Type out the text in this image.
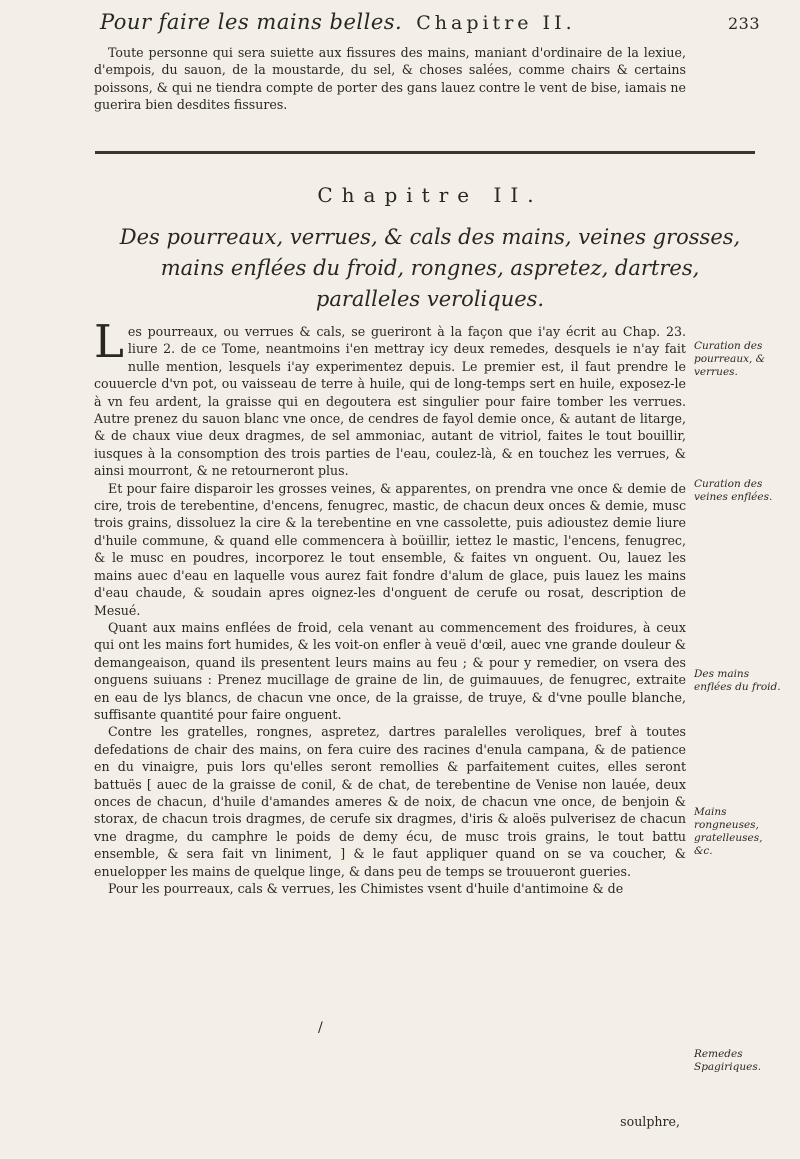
Pour faire les mains belles. Chapitre II.	233

Toute personne qui sera suiette aux fissures des mains, maniant d'ordinaire de la lexiue, d'empois, du sauon, de la moustarde, du sel, & choses salées, comme chairs & certains poissons, & qui ne tiendra compte de porter des gans lauez contre le vent de bise, iamais ne guerira bien desdites fissures.

Chapitre II.
Des pourreaux, verrues, & cals des mains, veines grosses,
mains enflées du froid, rongnes, aspretez, dartres,
paralleles veroliques.

Les pourreaux, ou verrues & cals, se gueriront à la façon que i'ay écrit au Chap. 23. liure 2. de ce Tome, neantmoins i'en mettray icy deux remedes, desquels ie n'ay fait nulle mention, lesquels i'ay experimentez depuis. Le premier est, il faut prendre le couuercle d'vn pot, ou vaisseau de terre à huile, qui de long-temps sert en huile, exposez-le à vn feu ardent, la graisse qui en degoutera est singulier pour faire tomber les verrues. Autre prenez du sauon blanc vne once, de cendres de fayol demie once, & autant de litarge, & de chaux viue deux dragmes, de sel ammoniac, autant de vitriol, faites le tout bouillir, iusques à la consomption des trois parties de l'eau, coulez-là, & en touchez les verrues, & ainsi mourront, & ne retourneront plus.

Et pour faire disparoir les grosses veines, & apparentes, on prendra vne once & demie de cire, trois de terebentine, d'encens, fenugrec, mastic, de chacun deux onces & demie, musc trois grains, dissoluez la cire & la terebentine en vne cassolette, puis adioustez demie liure d'huile commune, & quand elle commencera à boüillir, iettez le mastic, l'encens, fenugrec, & le musc en poudres, incorporez le tout ensemble, & faites vn onguent. Ou, lauez les mains auec d'eau en laquelle vous aurez fait fondre d'alum de glace, puis lauez les mains d'eau chaude, & soudain apres oignez-les d'onguent de cerufe ou rosat, description de Mesué.

Quant aux mains enflées de froid, cela venant au commencement des froidures, à ceux qui ont les mains fort humides, & les voit-on enfler à veuë d'œil, auec vne grande douleur & demangeaison, quand ils presentent leurs mains au feu ; & pour y remedier, on vsera des onguens suiuans : Prenez mucillage de graine de lin, de guimauues, de fenugrec, extraite en eau de lys blancs, de chacun vne once, de la graisse, de truye, & d'vne poulle blanche, suffisante quantité pour faire onguent.

Contre les gratelles, rongnes, aspretez, dartres paralelles veroliques, bref à toutes defedations de chair des mains, on fera cuire des racines d'enula campana, & de patience en du vinaigre, puis lors qu'elles seront remollies & parfaitement cuites, elles seront battuës [ auec de la graisse de conil, & de chat, de terebentine de Venise non lauée, deux onces de chacun, d'huile d'amandes ameres & de noix, de chacun vne once, de benjoin & storax, de chacun trois dragmes, de cerufe six dragmes, d'iris & aloës pulverisez de chacun vne dragme, du camphre le poids de demy écu, de musc trois grains, le tout battu ensemble, & sera fait vn liniment, ] & le faut appliquer quand on se va coucher, & enuelopper les mains de quelque linge, & dans peu de temps se trouueront gueries.

Pour les pourreaux, cals & verrues, les Chimistes vsent d'huile d'antimoine & de

Curation des pourreaux, & verrues.
Curation des veines enflées.
Des mains enflées du froid.
Mains rongneuses, gratelleuses, &c.
Remedes Spagiriques.
/
soulphre,
